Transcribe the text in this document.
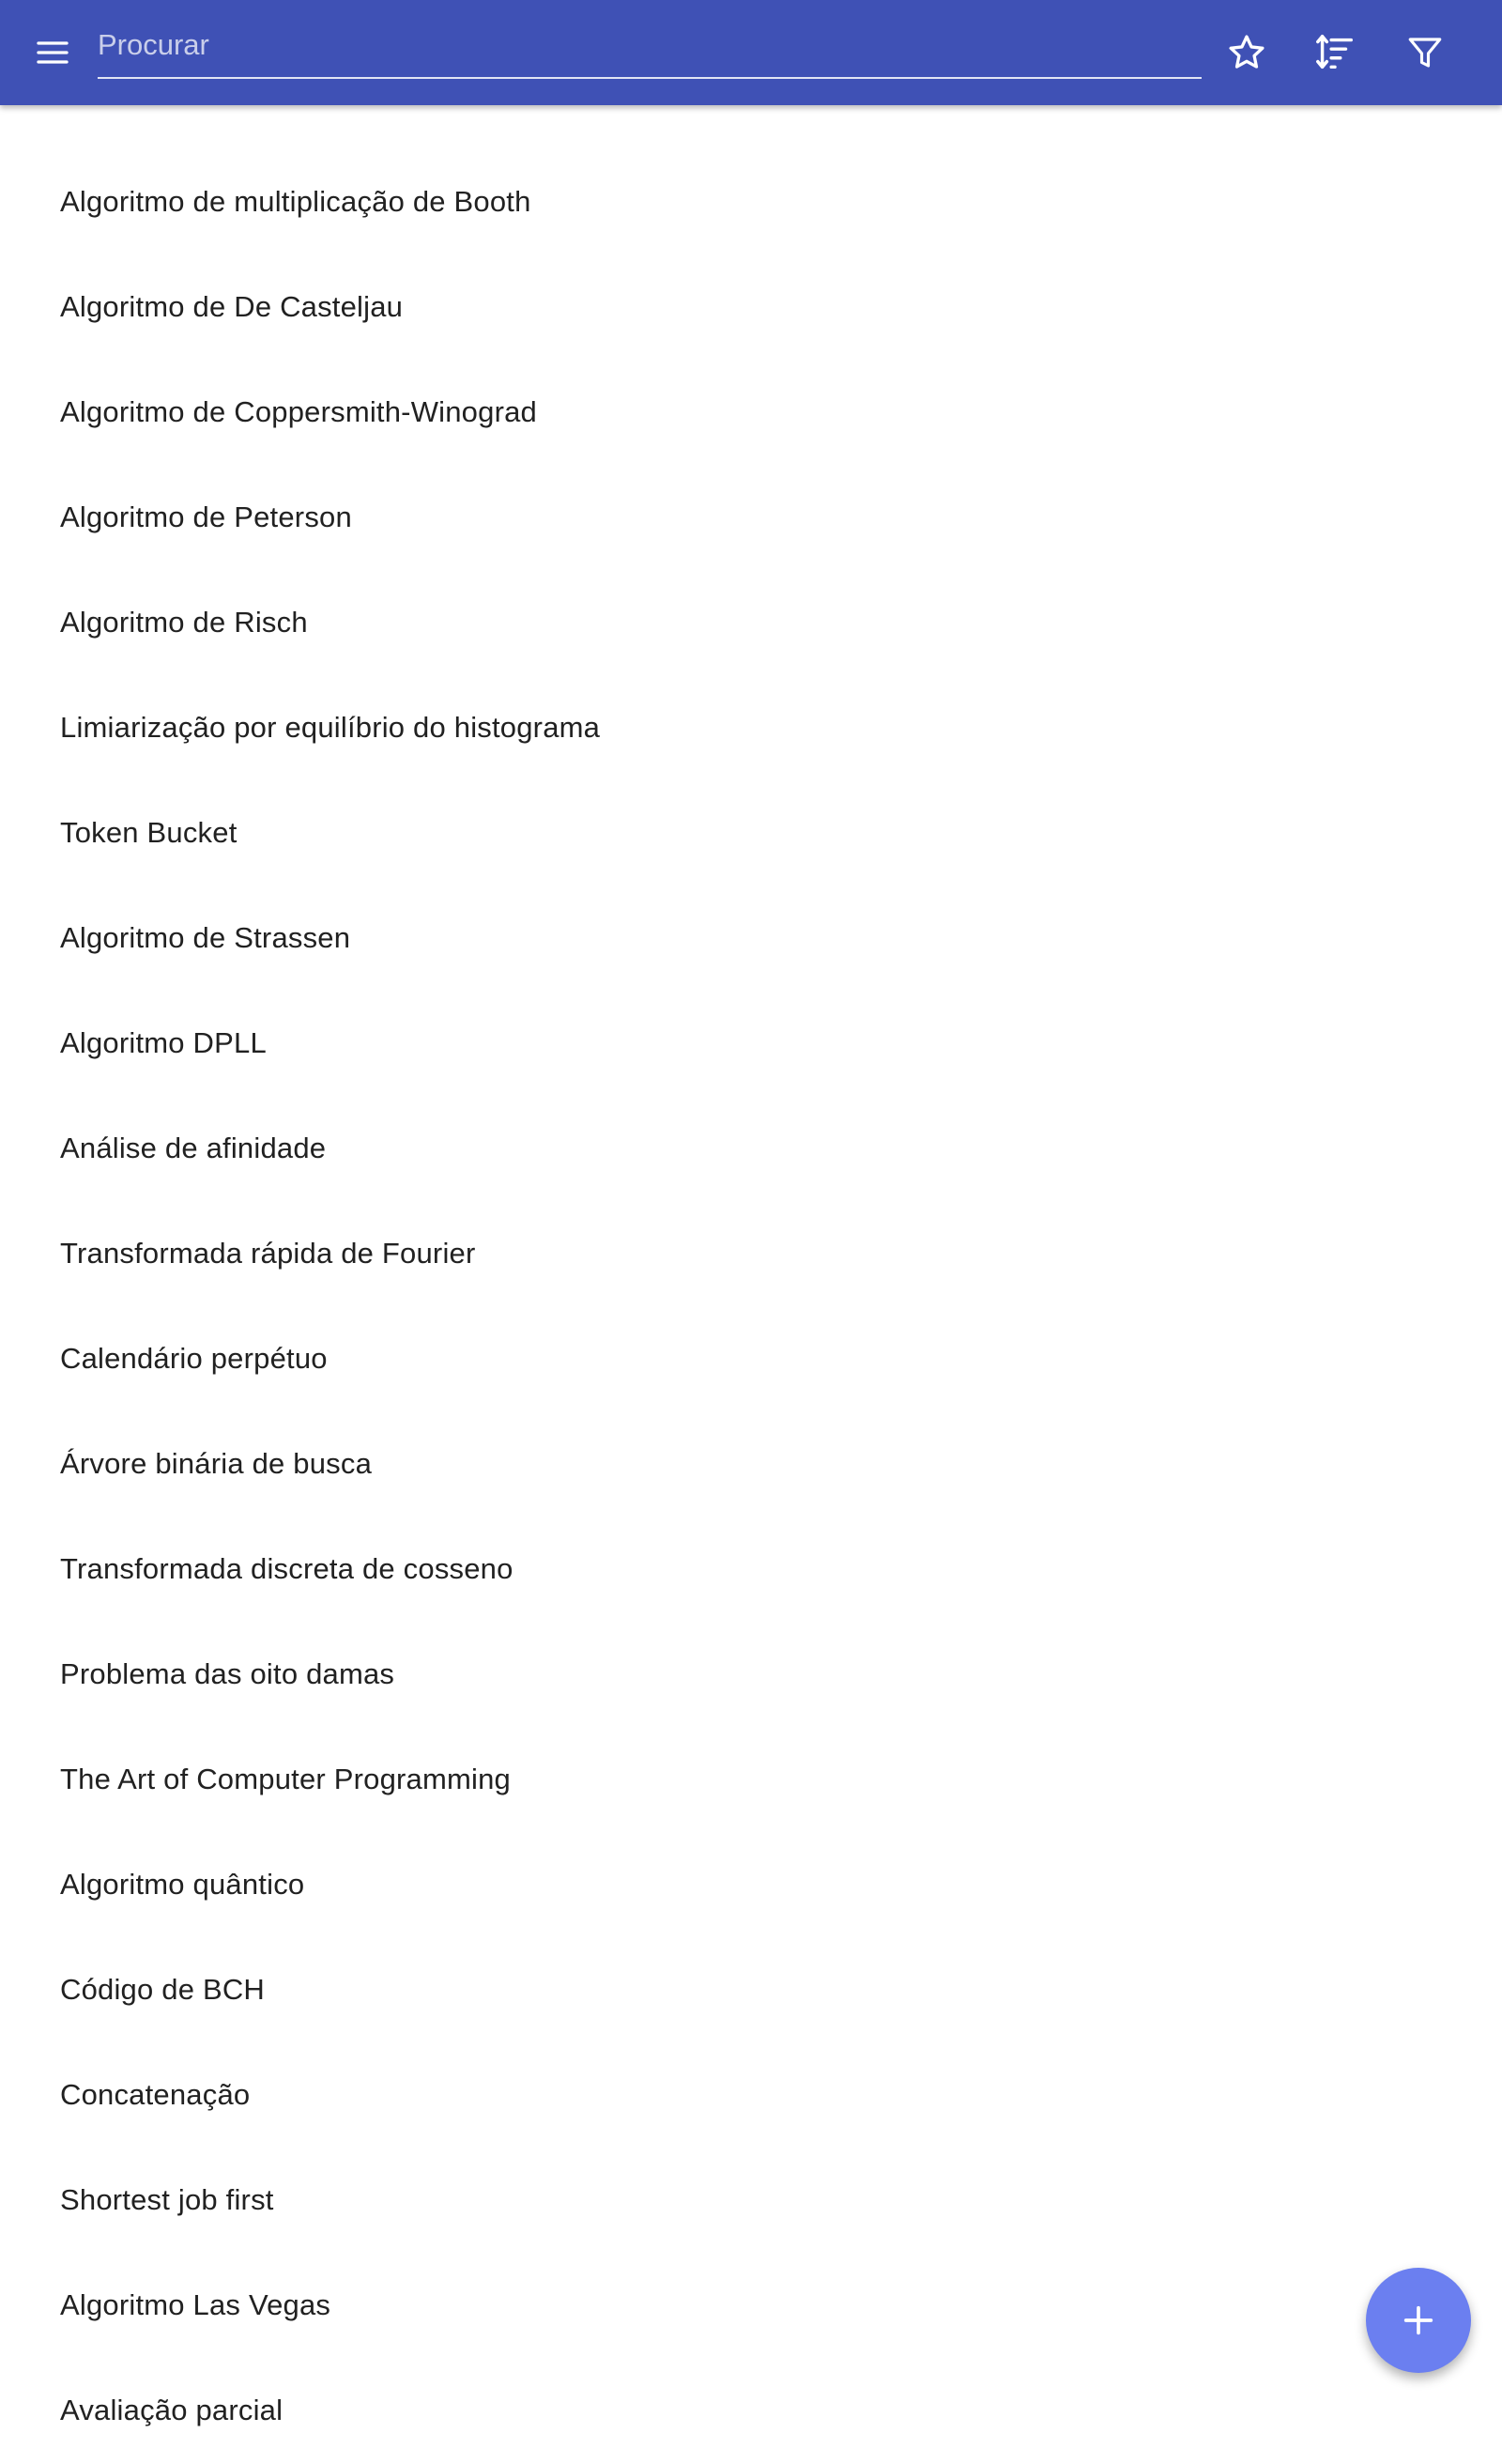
Procurar
Algoritmo de multiplicação de Booth
Algoritmo de De Casteljau
Algoritmo de Coppersmith-Winograd
Algoritmo de Peterson
Algoritmo de Risch
Limiarização por equilíbrio do histograma
Token Bucket
Algoritmo de Strassen
Algoritmo DPLL
Análise de afinidade
Transformada rápida de Fourier
Calendário perpétuo
Árvore binária de busca
Transformada discreta de cosseno
Problema das oito damas
The Art of Computer Programming
Algoritmo quântico
Código de BCH
Concatenação
Shortest job first
Algoritmo Las Vegas
Avaliação parcial
